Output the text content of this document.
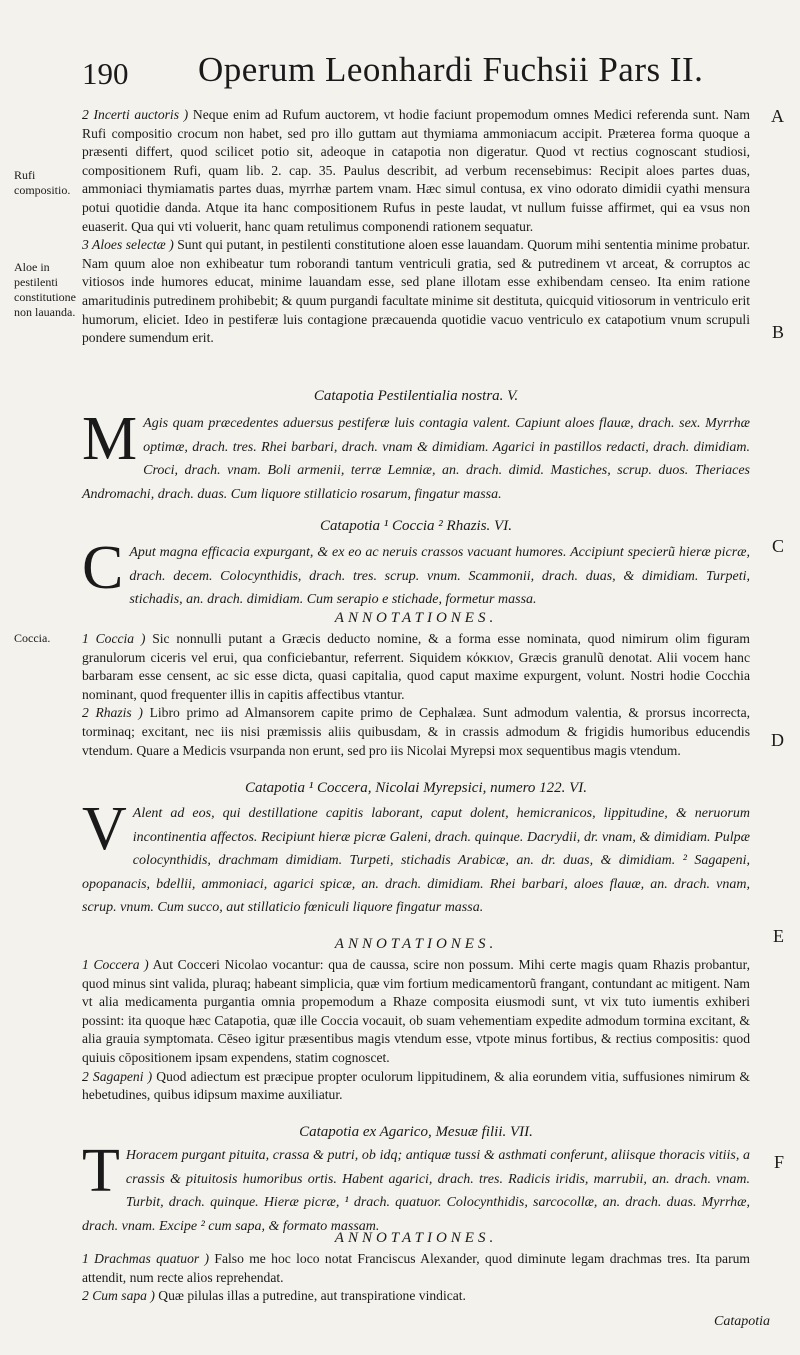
190 Operum Leonhardi Fuchsii Pars II.
Rufi compositio.
Aloe in pestilenti constitutione non lauanda.
Coccia.
A
B
C
D
E
F

2 Incerti auctoris ) Neque enim ad Rufum auctorem, vt hodie faciunt propemodum omnes Medici referenda sunt. Nam Rufi compositio crocum non habet, sed pro illo guttam aut thymiama ammoniacum accipit. Præterea forma quoque a præsenti differt, quod scilicet potio sit, adeoque in catapotia non digeratur. Quod vt rectius cognoscant studiosi, compositionem Rufi, quam lib. 2. cap. 35. Paulus describit, ad verbum recensebimus: Recipit aloes partes duas, ammoniaci thymiamatis partes duas, myrrhæ partem vnam. Hæc simul contusa, ex vino odorato dimidii cyathi mensura potui quotidie danda. Atque ita hanc compositionem Rufus in peste laudat, vt nullum fuisse affirmet, qui ea vsus non euaserit. Qua qui vti voluerit, hanc quam retulimus componendi rationem sequatur.

3 Aloes selectæ ) Sunt qui putant, in pestilenti constitutione aloen esse lauandam. Quorum mihi sententia minime probatur. Nam quum aloe non exhibeatur tum roborandi tantum ventriculi gratia, sed & putredinem vt arceat, & corruptos ac vitiosos inde humores educat, minime lauandam esse, sed plane illotam esse exhibendam censeo. Ita enim ratione amaritudinis putredinem prohibebit; & quum purgandi facultate minime sit destituta, quicquid vitiosorum in ventriculo erit humorum, eliciet. Ideo in pestiferæ luis contagione præcauenda quotidie vacuo ventriculo ex catapotium vnum scrupuli pondere sumendum erit.

Catapotia Pestilentialia nostra. V.

M Agis quam præcedentes aduersus pestiferæ luis contagia valent. Capiunt aloes flauæ, drach. sex. Myrrhæ optimæ, drach. tres. Rhei barbari, drach. vnam & dimidiam. Agarici in pastillos redacti, drach. dimidiam. Croci, drach. vnam. Boli armenii, terræ Lemniæ, an. drach. dimid. Mastiches, scrup. duos. Theriaces Andromachi, drach. duas. Cum liquore stillaticio rosarum, fingatur massa.

Catapotia ¹ Coccia ² Rhazis. VI.

C Aput magna efficacia expurgant, & ex eo ac neruis crassos vacuant humores. Accipiunt specierũ hieræ picræ, drach. decem. Colocynthidis, drach. tres. scrup. vnum. Scammonii, drach. duas, & dimidiam. Turpeti, stichadis, an. drach. dimidiam. Cum serapio e stichade, formetur massa.

ANNOTATIONES.

1 Coccia ) Sic nonnulli putant a Græcis deducto nomine, & a forma esse nominata, quod nimirum olim figuram granulorum ciceris vel erui, qua conficiebantur, referrent. Siquidem κόκκιον, Græcis granulũ denotat. Alii vocem hanc barbaram esse censent, ac sic esse dicta, quasi capitalia, quod caput maxime expurgent, volunt. Nostri hodie Cocchia nominant, quod frequenter illis in capitis affectibus vtantur.

2 Rhazis ) Libro primo ad Almansorem capite primo de Cephalæa. Sunt admodum valentia, & prorsus incorrecta, torminaq; excitant, nec iis nisi præmissis aliis quibusdam, & in crassis admodum & frigidis humoribus educendis vtendum. Quare a Medicis vsurpanda non erunt, sed pro iis Nicolai Myrepsi mox sequentibus magis vtendum.

Catapotia ¹ Coccera, Nicolai Myrepsici, numero 122. VI.

V Alent ad eos, qui destillatione capitis laborant, caput dolent, hemicranicos, lippitudine, & neruorum incontinentia affectos. Recipiunt hieræ picræ Galeni, drach. quinque. Dacrydii, dr. vnam, & dimidiam. Pulpæ colocynthidis, drachmam dimidiam. Turpeti, stichadis Arabicæ, an. dr. duas, & dimidiam. ² Sagapeni, opopanacis, bdellii, ammoniaci, agarici spicæ, an. drach. dimidiam. Rhei barbari, aloes flauæ, an. drach. vnam, scrup. vnum. Cum succo, aut stillaticio fœniculi liquore fingatur massa.

ANNOTATIONES.

1 Coccera ) Aut Cocceri Nicolao vocantur: qua de caussa, scire non possum. Mihi certe magis quam Rhazis probantur, quod minus sint valida, pluraq; habeant simplicia, quæ vim fortium medicamentorũ frangant, contundant ac mitigent. Nam vt alia medicamenta purgantia omnia propemodum a Rhaze composita eiusmodi sunt, vt vix tuto iumentis exhiberi possint: ita quoque hæc Catapotia, quæ ille Coccia vocauit, ob suam vehementiam expedite admodum tormina excitant, & alia grauia symptomata. Cēseo igitur præsentibus magis vtendum esse, vtpote minus fortibus, & rectius compositis: quod quiuis cōpositionem ipsam expendens, statim cognoscet.

2 Sagapeni ) Quod adiectum est præcipue propter oculorum lippitudinem, & alia eorundem vitia, suffusiones nimirum & hebetudines, quibus idipsum maxime auxiliatur.

Catapotia ex Agarico, Mesuæ filii. VII.

T Horacem purgant pituita, crassa & putri, ob idq; antiquæ tussi & asthmati conferunt, aliisque thoracis vitiis, a crassis & pituitosis humoribus ortis. Habent agarici, drach. tres. Radicis iridis, marrubii, an. drach. vnam. Turbit, drach. quinque. Hieræ picræ, ¹ drach. quatuor. Colocynthidis, sarcocollæ, an. drach. duas. Myrrhæ, drach. vnam. Excipe ² cum sapa, & formato massam.

ANNOTATIONES.

1 Drachmas quatuor ) Falso me hoc loco notat Franciscus Alexander, quod diminute legam drachmas tres. Ita parum attendit, num recte alios reprehendat.

2 Cum sapa ) Quæ pilulas illas a putredine, aut transpiratione vindicat.

Catapotia
